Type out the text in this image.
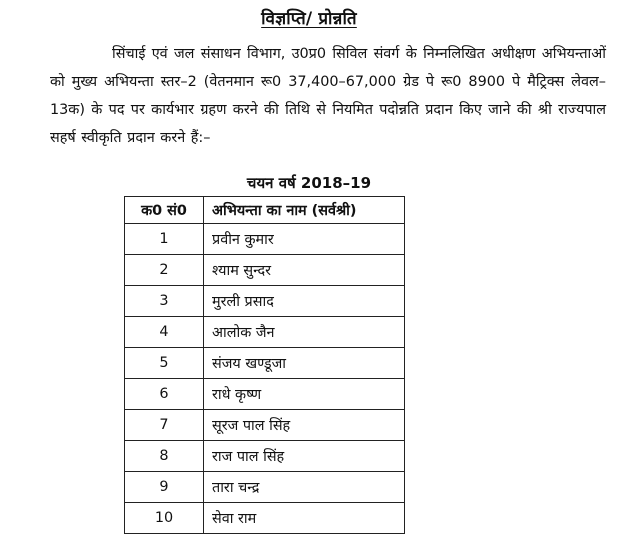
विज्ञप्ति/ प्रोन्नति
सिंचाई एवं जल संसाधन विभाग, उ0प्र0 सिविल संवर्ग के निम्नलिखित अधीक्षण अभियन्ताओं को मुख्य अभियन्ता स्तर–2 (वेतनमान रू0 37,400–67,000 ग्रेड पे रू0 8900 पे मैट्रिक्स लेवल–13क) के पद पर कार्यभार ग्रहण करने की तिथि से नियमित पदोन्नति प्रदान किए जाने की श्री राज्यपाल सहर्ष स्वीकृति प्रदान करने हैं:–
चयन वर्ष 2018–19
क0 सं0	अभियन्ता का नाम (सर्वश्री)
1	प्रवीन कुमार
2	श्याम सुन्दर
3	मुरली प्रसाद
4	आलोक जैन
5	संजय खण्डूजा
6	राधे कृष्ण
7	सूरज पाल सिंह
8	राज पाल सिंह
9	तारा चन्द्र
10	सेवा राम
